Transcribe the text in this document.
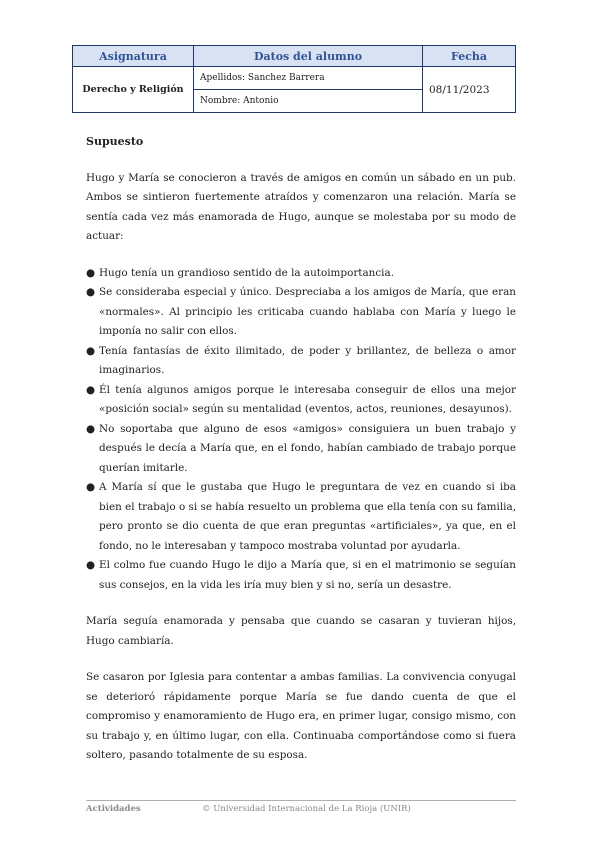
Asignatura	Datos del alumno	Fecha
Derecho y Religión	Apellidos: Sanchez Barrera	08/11/2023
	Nombre: Antonio	

Supuesto

Hugo y María se conocieron a través de amigos en común un sábado en un pub. Ambos se sintieron fuertemente atraídos y comenzaron una relación. María se sentía cada vez más enamorada de Hugo, aunque se molestaba por su modo de actuar:

● Hugo tenía un grandioso sentido de la autoimportancia.
● Se consideraba especial y único. Despreciaba a los amigos de María, que eran «normales». Al principio les criticaba cuando hablaba con María y luego le imponía no salir con ellos.
● Tenía fantasías de éxito ilimitado, de poder y brillantez, de belleza o amor imaginarios.
● Él tenía algunos amigos porque le interesaba conseguir de ellos una mejor «posición social» según su mentalidad (eventos, actos, reuniones, desayunos).
● No soportaba que alguno de esos «amigos» consiguiera un buen trabajo y después le decía a María que, en el fondo, habían cambiado de trabajo porque querían imitarle.
● A María sí que le gustaba que Hugo le preguntara de vez en cuando si iba bien el trabajo o si se había resuelto un problema que ella tenía con su familia, pero pronto se dio cuenta de que eran preguntas «artificiales», ya que, en el fondo, no le interesaban y tampoco mostraba voluntad por ayudarla.
● El colmo fue cuando Hugo le dijo a María que, si en el matrimonio se seguían sus consejos, en la vida les iría muy bien y si no, sería un desastre.

María seguía enamorada y pensaba que cuando se casaran y tuvieran hijos, Hugo cambiaría.

Se casaron por Iglesia para contentar a ambas familias. La convivencia conyugal se deterioró rápidamente porque María se fue dando cuenta de que el compromiso y enamoramiento de Hugo era, en primer lugar, consigo mismo, con su trabajo y, en último lugar, con ella. Continuaba comportándose como si fuera soltero, pasando totalmente de su esposa.

Actividades	© Universidad Internacional de La Rioja (UNIR)
